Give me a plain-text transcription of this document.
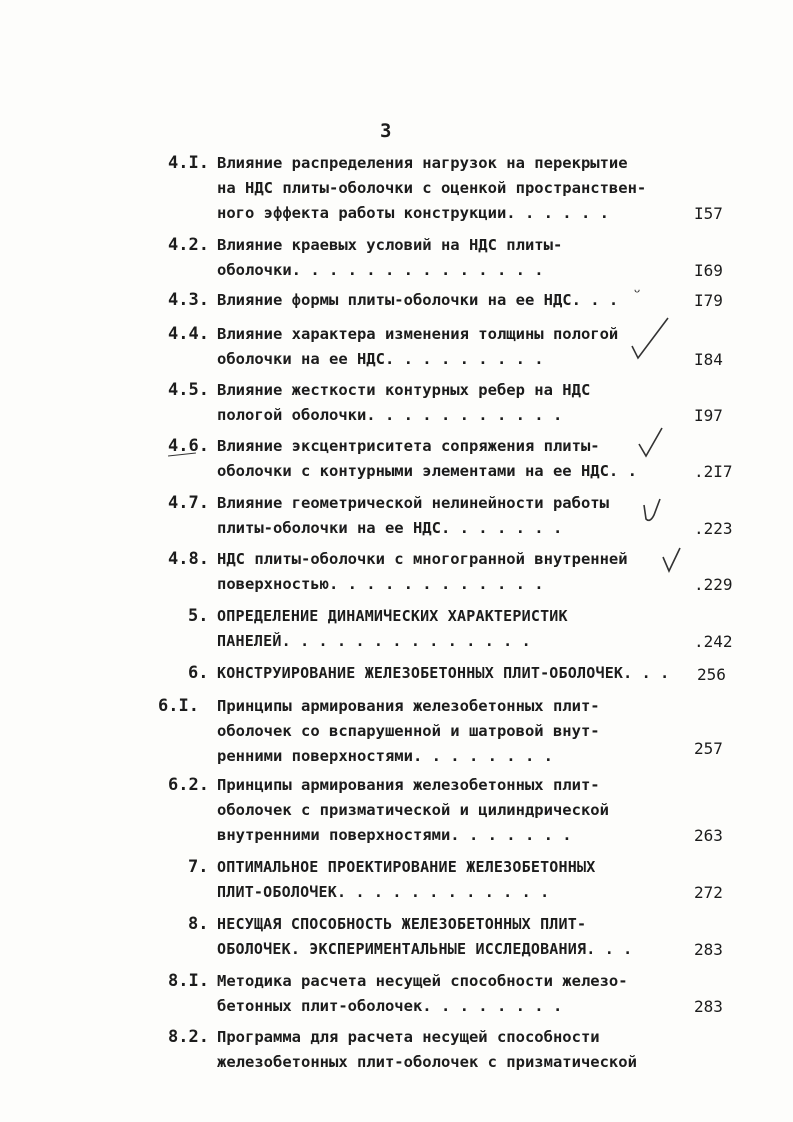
3
4.I. Влияние распределения нагрузок на перекрытие
на НДС плиты-оболочки с оценкой пространствен-
ного эффекта работы конструкции. . . . . .	I57
4.2. Влияние краевых условий на НДС плиты-
оболочки. . . . . . . . . . . . . .	I69
4.3. Влияние формы плиты-оболочки на ее НДС. . .	I79
ᵕ
4.4. Влияние характера изменения толщины пологой
оболочки на ее НДС. . . . . . . . .	I84
4.5. Влияние жесткости контурных ребер на НДС
пологой оболочки. . . . . . . . . . .	I97
4.6. Влияние эксцентриситета сопряжения плиты-
оболочки с контурными элементами на ее НДС. .	.2I7
4.7. Влияние геометрической нелинейности работы
плиты-оболочки на ее НДС. . . . . . .	.223
4.8. НДС плиты-оболочки с многогранной внутренней
поверхностью. . . . . . . . . . . .	.229
5. ОПРЕДЕЛЕНИЕ ДИНАМИЧЕСКИХ ХАРАКТЕРИСТИК
ПАНЕЛЕЙ. . . . . . . . . . . . . .	.242
6. КОНСТРУИРОВАНИЕ ЖЕЛЕЗОБЕТОННЫХ ПЛИТ-ОБОЛОЧЕК. . .	256
6.I. Принципы армирования железобетонных плит-
оболочек со вспарушенной и шатровой внут-
ренними поверхностями. . . . . . . .	257
6.2. Принципы армирования железобетонных плит-
оболочек с призматической и цилиндрической
внутренними поверхностями. . . . . . .	263
7. ОПТИМАЛЬНОЕ ПРОЕКТИРОВАНИЕ ЖЕЛЕЗОБЕТОННЫХ
ПЛИТ-ОБОЛОЧЕК. . . . . . . . . . . .	272
8. НЕСУЩАЯ СПОСОБНОСТЬ ЖЕЛЕЗОБЕТОННЫХ ПЛИТ-
ОБОЛОЧЕК. ЭКСПЕРИМЕНТАЛЬНЫЕ ИССЛЕДОВАНИЯ. . .	283
8.I. Методика расчета несущей способности железо-
бетонных плит-оболочек. . . . . . . .	283
8.2. Программа для расчета несущей способности
железобетонных плит-оболочек с призматической
